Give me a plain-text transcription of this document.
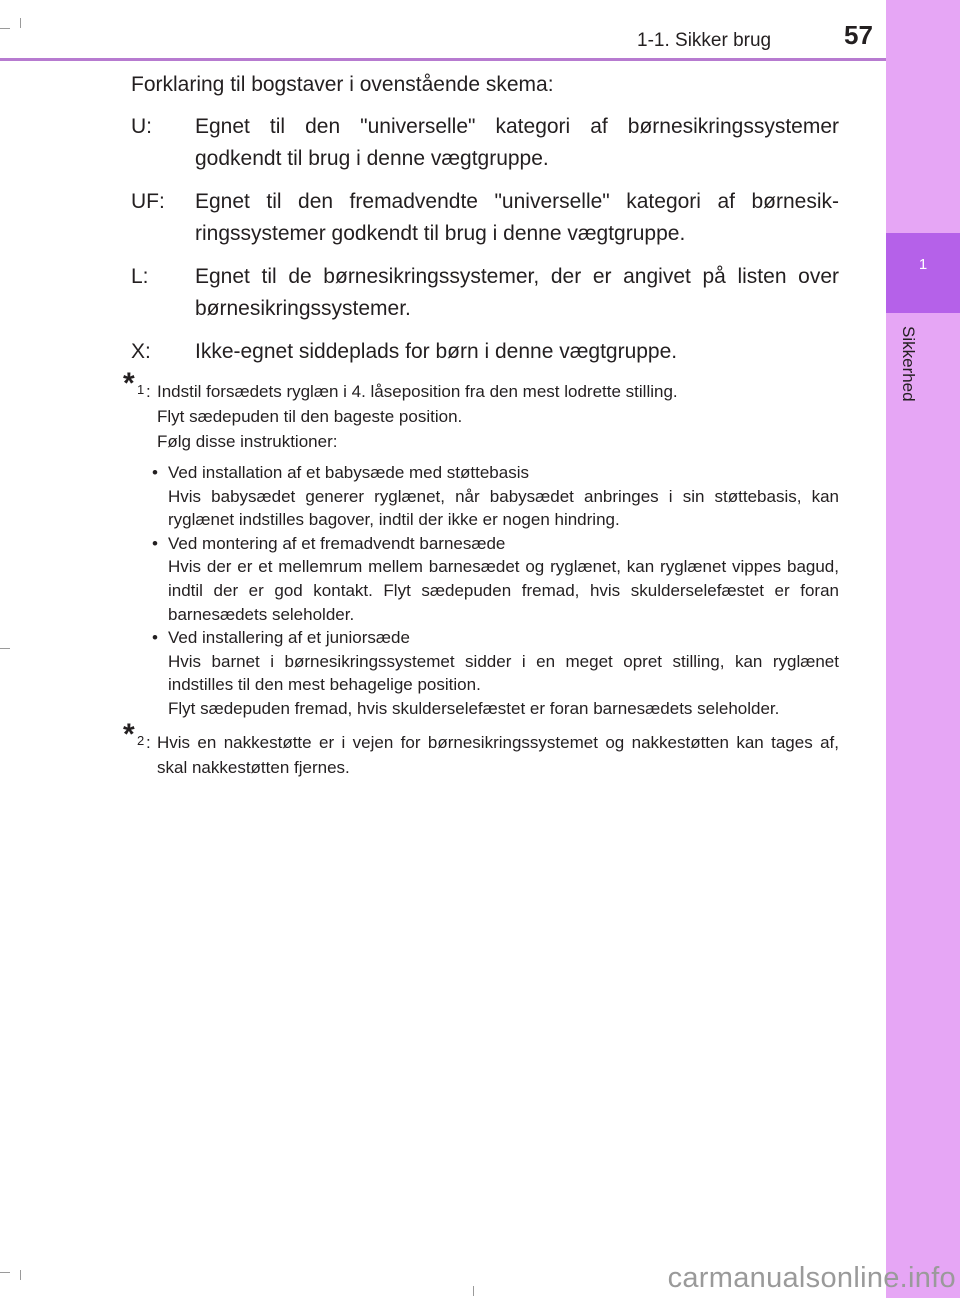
1-1. Sikker brug	57
1
Sikkerhed
Forklaring til bogstaver i ovenstående skema:
U:	Egnet til den "universelle" kategori af børnesikringssystemer godkendt til brug i denne vægtgruppe.
UF:	Egnet til den fremadvendte "universelle" kategori af børnesikringssystemer godkendt til brug i denne vægtgruppe.
L:	Egnet til de børnesikringssystemer, der er angivet på listen over børnesikringssystemer.
X:	Ikke-egnet siddeplads for børn i denne vægtgruppe.
* 1 : Indstil forsædets ryglæn i 4. låseposition fra den mest lodrette stilling.
Flyt sædepuden til den bageste position.
Følg disse instruktioner:
• Ved installation af et babysæde med støttebasis
Hvis babysædet generer ryglænet, når babysædet anbringes i sin støttebasis, kan ryglænet indstilles bagover, indtil der ikke er nogen hindring.
• Ved montering af et fremadvendt barnesæde
Hvis der er et mellemrum mellem barnesædet og ryglænet, kan ryglænet vippes bagud, indtil der er god kontakt. Flyt sædepuden fremad, hvis skulderselefæstet er foran barnesædets seleholder.
• Ved installering af et juniorsæde
Hvis barnet i børnesikringssystemet sidder i en meget opret stilling, kan ryglænet indstilles til den mest behagelige position.
Flyt sædepuden fremad, hvis skulderselefæstet er foran barnesædets seleholder.
* 2 : Hvis en nakkestøtte er i vejen for børnesikringssystemet og nakkestøtten kan tages af, skal nakkestøtten fjernes.
carmanualsonline.info
